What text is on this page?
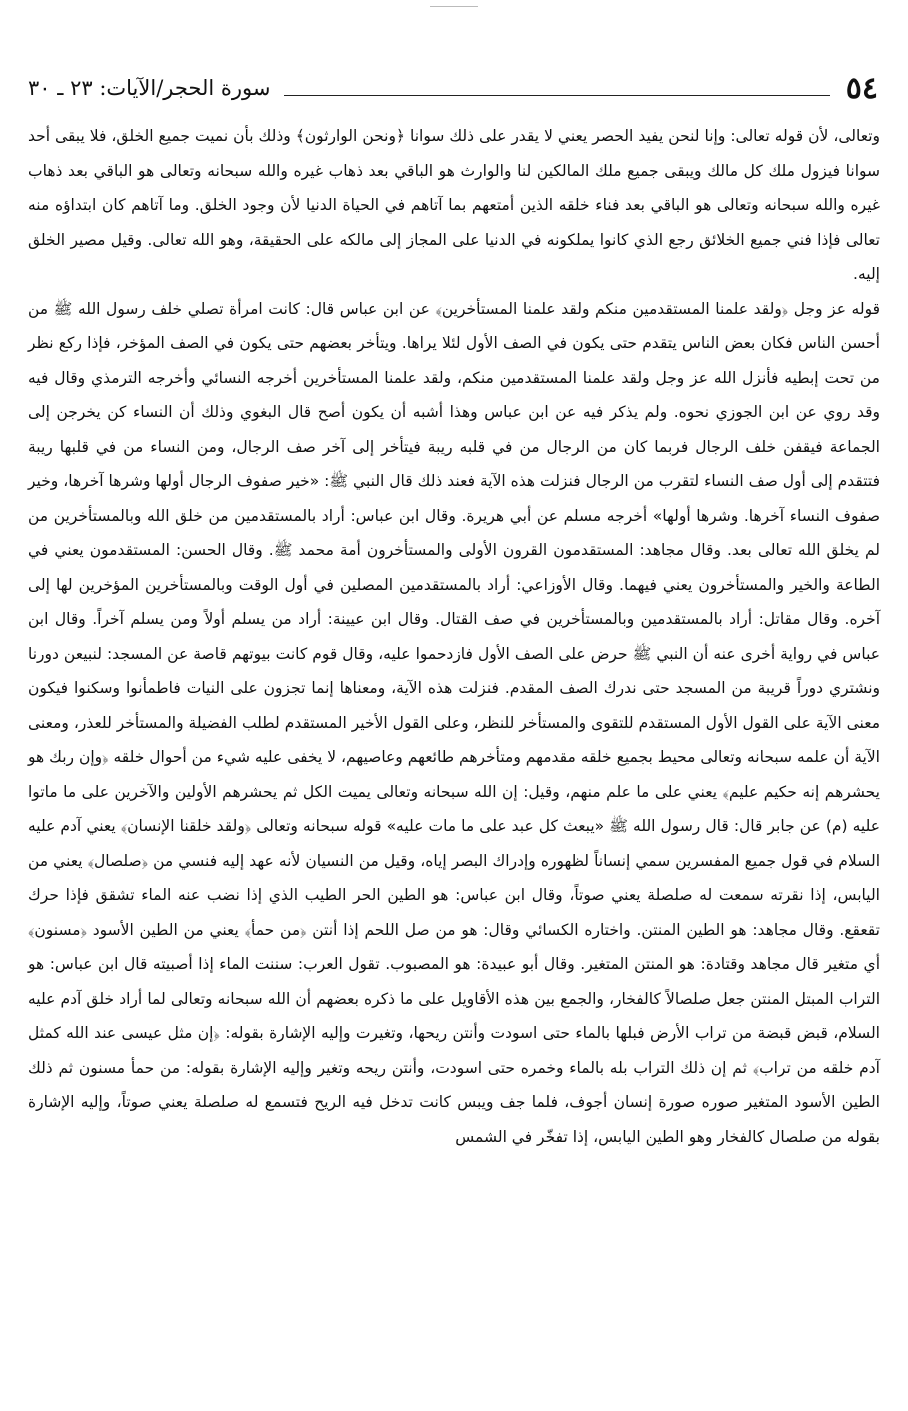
٥٤
سورة الحجر/الآيات: ٢٣ ـ ٣٠

وتعالى، لأن قوله تعالى: وإنا لنحن يفيد الحصر يعني لا يقدر على ذلك سوانا ﴿ونحن الوارثون﴾ وذلك بأن نميت جميع الخلق، فلا يبقى أحد سوانا فيزول ملك كل مالك ويبقى جميع ملك المالكين لنا والوارث هو الباقي بعد ذهاب غيره والله سبحانه وتعالى هو الباقي بعد ذهاب غيره والله سبحانه وتعالى هو الباقي بعد فناء خلقه الذين أمتعهم بما آتاهم في الحياة الدنيا لأن وجود الخلق. وما آتاهم كان ابتداؤه منه تعالى فإذا فني جميع الخلائق رجع الذي كانوا يملكونه في الدنيا على المجاز إلى مالكه على الحقيقة، وهو الله تعالى. وقيل مصير الخلق إليه.

قوله عز وجل ﴿ولقد علمنا المستقدمين منكم ولقد علمنا المستأخرين﴾ عن ابن عباس قال: كانت امرأة تصلي خلف رسول الله ﷺ من أحسن الناس فكان بعض الناس يتقدم حتى يكون في الصف الأول لئلا يراها. ويتأخر بعضهم حتى يكون في الصف المؤخر، فإذا ركع نظر من تحت إبطيه فأنزل الله عز وجل ولقد علمنا المستقدمين منكم، ولقد علمنا المستأخرين أخرجه النسائي وأخرجه الترمذي وقال فيه وقد روي عن ابن الجوزي نحوه. ولم يذكر فيه عن ابن عباس وهذا أشبه أن يكون أصح قال البغوي وذلك أن النساء كن يخرجن إلى الجماعة فيقفن خلف الرجال فربما كان من الرجال من في قلبه ريبة فيتأخر إلى آخر صف الرجال، ومن النساء من في قلبها ريبة فتتقدم إلى أول صف النساء لتقرب من الرجال فنزلت هذه الآية فعند ذلك قال النبي ﷺ: «خير صفوف الرجال أولها وشرها آخرها، وخير صفوف النساء آخرها. وشرها أولها» أخرجه مسلم عن أبي هريرة. وقال ابن عباس: أراد بالمستقدمين من خلق الله وبالمستأخرين من لم يخلق الله تعالى بعد. وقال مجاهد: المستقدمون القرون الأولى والمستأخرون أمة محمد ﷺ. وقال الحسن: المستقدمون يعني في الطاعة والخير والمستأخرون يعني فيهما. وقال الأوزاعي: أراد بالمستقدمين المصلين في أول الوقت وبالمستأخرين المؤخرين لها إلى آخره. وقال مقاتل: أراد بالمستقدمين وبالمستأخرين في صف القتال. وقال ابن عيينة: أراد من يسلم أولاً ومن يسلم آخراً. وقال ابن عباس في رواية أخرى عنه أن النبي ﷺ حرض على الصف الأول فازدحموا عليه، وقال قوم كانت بيوتهم قاصة عن المسجد: لنبيعن دورنا ونشتري دوراً قريبة من المسجد حتى ندرك الصف المقدم. فنزلت هذه الآية، ومعناها إنما تجزون على النيات فاطمأنوا وسكنوا فيكون معنى الآية على القول الأول المستقدم للتقوى والمستأخر للنظر، وعلى القول الأخير المستقدم لطلب الفضيلة والمستأخر للعذر، ومعنى الآية أن علمه سبحانه وتعالى محيط بجميع خلقه مقدمهم ومتأخرهم طائعهم وعاصيهم، لا يخفى عليه شيء من أحوال خلقه ﴿وإن ربك هو يحشرهم إنه حكيم عليم﴾ يعني على ما علم منهم، وقيل: إن الله سبحانه وتعالى يميت الكل ثم يحشرهم الأولين والآخرين على ما ماتوا عليه (م) عن جابر قال: قال رسول الله ﷺ «يبعث كل عبد على ما مات عليه» قوله سبحانه وتعالى ﴿ولقد خلقنا الإنسان﴾ يعني آدم عليه السلام في قول جميع المفسرين سمي إنساناً لظهوره وإدراك البصر إياه، وقيل من النسيان لأنه عهد إليه فنسي من ﴿صلصال﴾ يعني من اليابس، إذا نقرته سمعت له صلصلة يعني صوتاً، وقال ابن عباس: هو الطين الحر الطيب الذي إذا نضب عنه الماء تشقق فإذا حرك تقعقع. وقال مجاهد: هو الطين المنتن. واختاره الكسائي وقال: هو من صل اللحم إذا أنتن ﴿من حمأ﴾ يعني من الطين الأسود ﴿مسنون﴾ أي متغير قال مجاهد وقتادة: هو المنتن المتغير. وقال أبو عبيدة: هو المصبوب. تقول العرب: سننت الماء إذا أصبيته قال ابن عباس: هو التراب المبتل المنتن جعل صلصالاً كالفخار، والجمع بين هذه الأقاويل على ما ذكره بعضهم أن الله سبحانه وتعالى لما أراد خلق آدم عليه السلام، قبض قبضة من تراب الأرض فبلها بالماء حتى اسودت وأنتن ريحها، وتغيرت وإليه الإشارة بقوله: ﴿إن مثل عيسى عند الله كمثل آدم خلقه من تراب﴾ ثم إن ذلك التراب بله بالماء وخمره حتى اسودت، وأنتن ريحه وتغير وإليه الإشارة بقوله: من حمأ مسنون ثم ذلك الطين الأسود المتغير صوره صورة إنسان أجوف، فلما جف ويبس كانت تدخل فيه الريح فتسمع له صلصلة يعني صوتاً، وإليه الإشارة بقوله من صلصال كالفخار وهو الطين اليابس، إذا تفخّر في الشمس
